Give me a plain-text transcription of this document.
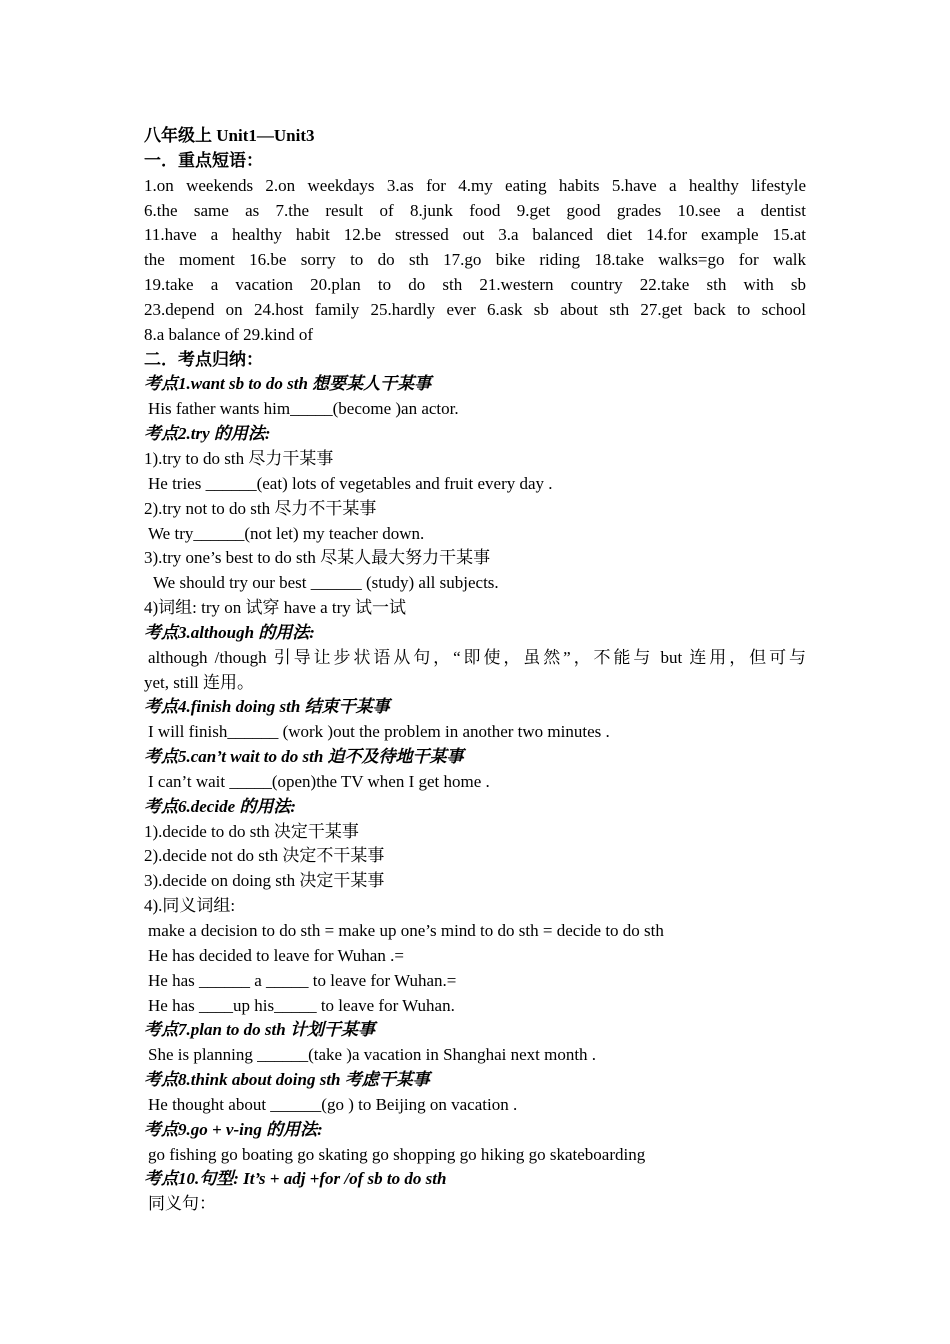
八年级上 Unit1—Unit3
一．重点短语：
1.on weekends 2.on weekdays 3.as for 4.my eating habits 5.have a healthy lifestyle
6.the same as 7.the result of 8.junk food 9.get good grades 10.see a dentist
11.have a healthy habit 12.be stressed out 3.a balanced diet 14.for example 15.at
the moment 16.be sorry to do sth 17.go bike riding 18.take walks=go for walk
19.take a vacation 20.plan to do sth 21.western country 22.take sth with sb
23.depend on 24.host family 25.hardly ever 6.ask sb about sth 27.get back to school
8.a balance of 29.kind of
二．考点归纳：
考点1.want sb to do sth 想要某人干某事
His father wants him_____(become )an actor.
考点2.try 的用法:
1).try to do sth 尽力干某事
He tries ______(eat) lots of vegetables and fruit every day .
2).try not to do sth 尽力不干某事
We try______(not let) my teacher down.
3).try one’s best to do sth 尽某人最大努力干某事
We should try our best ______ (study) all subjects.
4)词组: try on 试穿 have a try 试一试
考点3.although 的用法:
although /though 引导让步状语从句，“即使，虽然”，不能与 but 连用，但可与
yet, still 连用。
考点4.finish doing sth 结束干某事
I will finish______ (work )out the problem in another two minutes .
考点5.can’t wait to do sth 迫不及待地干某事
I can’t wait _____(open)the TV when I get home .
考点6.decide 的用法:
1).decide to do sth 决定干某事
2).decide not do sth 决定不干某事
3).decide on doing sth 决定干某事
4).同义词组:
make a decision to do sth = make up one’s mind to do sth = decide to do sth
He has decided to leave for Wuhan .=
He has ______ a _____ to leave for Wuhan.=
He has ____up his_____ to leave for Wuhan.
考点7.plan to do sth 计划干某事
She is planning ______(take )a vacation in Shanghai next month .
考点8.think about doing sth 考虑干某事
He thought about ______(go ) to Beijing on vacation .
考点9.go + v-ing 的用法:
go fishing go boating go skating go shopping go hiking go skateboarding
考点10.句型: It’s + adj +for /of sb to do sth
同义句：
